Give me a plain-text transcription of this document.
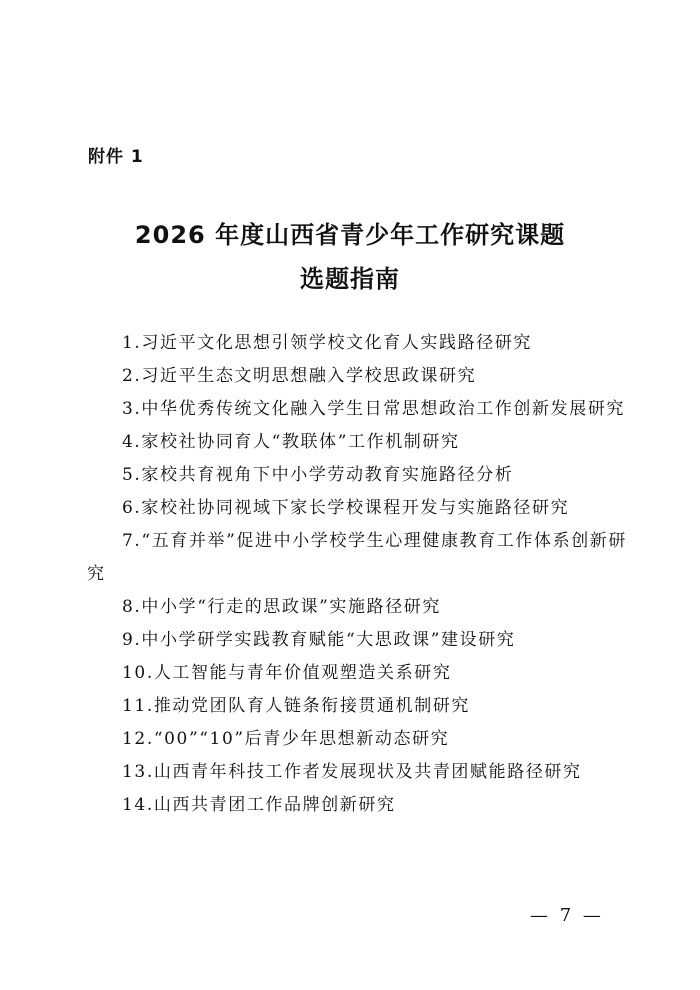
附件 1
2026 年度山西省青少年工作研究课题
选题指南
1.习近平文化思想引领学校文化育人实践路径研究
2.习近平生态文明思想融入学校思政课研究
3.中华优秀传统文化融入学生日常思想政治工作创新发展研究
4.家校社协同育人“教联体”工作机制研究
5.家校共育视角下中小学劳动教育实施路径分析
6.家校社协同视域下家长学校课程开发与实施路径研究
7.“五育并举”促进中小学校学生心理健康教育工作体系创新研究
8.中小学“行走的思政课”实施路径研究
9.中小学研学实践教育赋能“大思政课”建设研究
10.人工智能与青年价值观塑造关系研究
11.推动党团队育人链条衔接贯通机制研究
12.“00”“10”后青少年思想新动态研究
13.山西青年科技工作者发展现状及共青团赋能路径研究
14.山西共青团工作品牌创新研究
— 7 —
